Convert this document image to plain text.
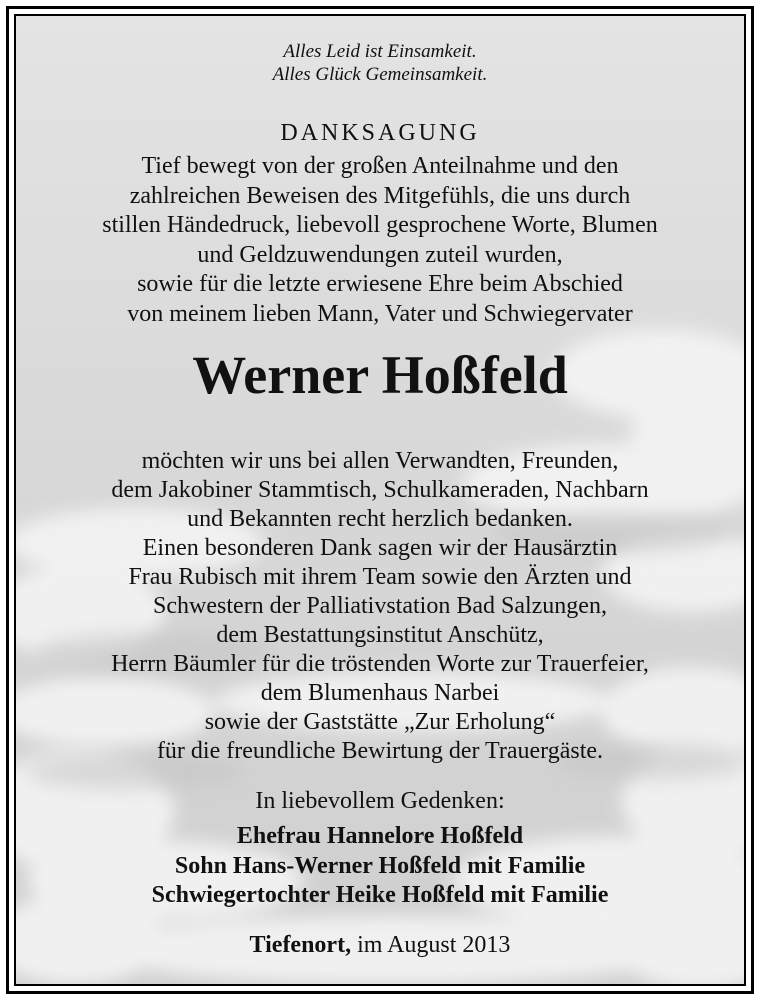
Alles Leid ist Einsamkeit.
Alles Glück Gemeinsamkeit.
DANKSAGUNG
Tief bewegt von der großen Anteilnahme und den
zahlreichen Beweisen des Mitgefühls, die uns durch
stillen Händedruck, liebevoll gesprochene Worte, Blumen
und Geldzuwendungen zuteil wurden,
sowie für die letzte erwiesene Ehre beim Abschied
von meinem lieben Mann, Vater und Schwiegervater
Werner Hoßfeld
möchten wir uns bei allen Verwandten, Freunden,
dem Jakobiner Stammtisch, Schulkameraden, Nachbarn
und Bekannten recht herzlich bedanken.
Einen besonderen Dank sagen wir der Hausärztin
Frau Rubisch mit ihrem Team sowie den Ärzten und
Schwestern der Palliativstation Bad Salzungen,
dem Bestattungsinstitut Anschütz,
Herrn Bäumler für die tröstenden Worte zur Trauerfeier,
dem Blumenhaus Narbei
sowie der Gaststätte „Zur Erholung“
für die freundliche Bewirtung der Trauergäste.
In liebevollem Gedenken:
Ehefrau Hannelore Hoßfeld
Sohn Hans-Werner Hoßfeld mit Familie
Schwiegertochter Heike Hoßfeld mit Familie
Tiefenort, im August 2013
